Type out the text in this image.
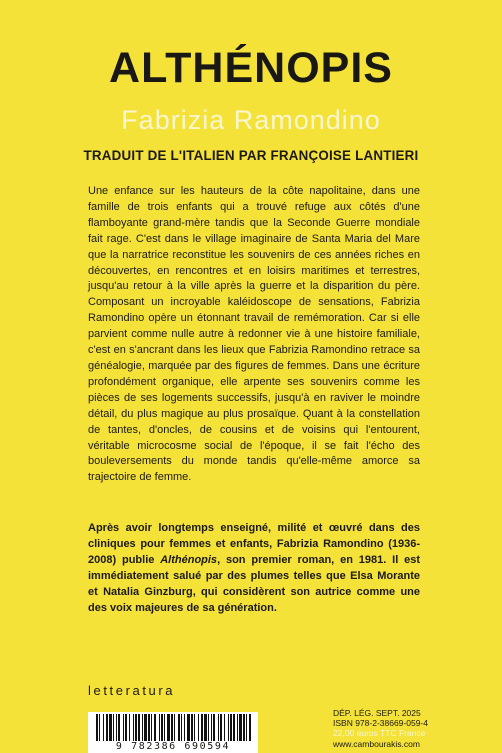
ALTHÉNOPIS
Fabrizia Ramondino
TRADUIT DE L'ITALIEN PAR FRANÇOISE LANTIERI

Une enfance sur les hauteurs de la côte napolitaine, dans une famille de trois enfants qui a trouvé refuge aux côtés d'une flamboyante grand-mère tandis que la Seconde Guerre mondiale fait rage. C'est dans le village imaginaire de Santa Maria del Mare que la narratrice reconstitue les souvenirs de ces années riches en découvertes, en rencontres et en loisirs maritimes et terrestres, jusqu'au retour à la ville après la guerre et la disparition du père. Composant un incroyable kaléidoscope de sensations, Fabrizia Ramondino opère un étonnant travail de remémoration. Car si elle parvient comme nulle autre à redonner vie à une histoire familiale, c'est en s'ancrant dans les lieux que Fabrizia Ramondino retrace sa généalogie, marquée par des figures de femmes. Dans une écriture profondément organique, elle arpente ses souvenirs comme les pièces de ses logements successifs, jusqu'à en raviver le moindre détail, du plus magique au plus prosaïque. Quant à la constellation de tantes, d'oncles, de cousins et de voisins qui l'entourent, véritable microcosme social de l'époque, il se fait l'écho des bouleversements du monde tandis qu'elle-même amorce sa trajectoire de femme.

Après avoir longtemps enseigné, milité et œuvré dans des cliniques pour femmes et enfants, Fabrizia Ramondino (1936-2008) publie Althénopis, son premier roman, en 1981. Il est immédiatement salué par des plumes telles que Elsa Morante et Natalia Ginzburg, qui considèrent son autrice comme une des voix majeures de sa génération.

letteratura
9 782386 690594
DÉP. LÉG. SEPT. 2025
ISBN 978-2-38669-059-4
22,00 euros TTC France
www.cambourakis.com
